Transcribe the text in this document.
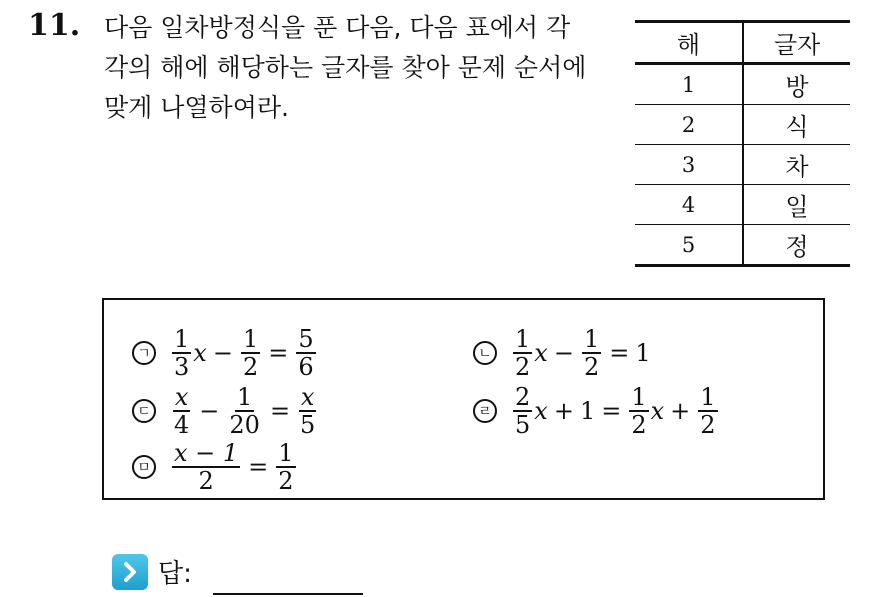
11. 다음 일차방정식을 푼 다음, 다음 표에서 각
각의 해에 해당하는 글자를 찾아 문제 순서에
맞게 나열하여라.
해	글자
1	방
2	식
3	차
4	일
5	정
ㄱ $\frac{1}{3}$ $x - \frac{1}{2} = \frac{5}{6}$	ㄴ $\frac{1}{2}$ $x - \frac{1}{2} = 1$
ㄷ $\frac{x}{4} - \frac{1}{20} = \frac{x}{5}$	ㄹ $\frac{2}{5}$ $x + 1 = \frac{1}{2}$ $x + \frac{1}{2}$
ㅁ $\frac{x - 1}{2} = \frac{1}{2}$
답:
